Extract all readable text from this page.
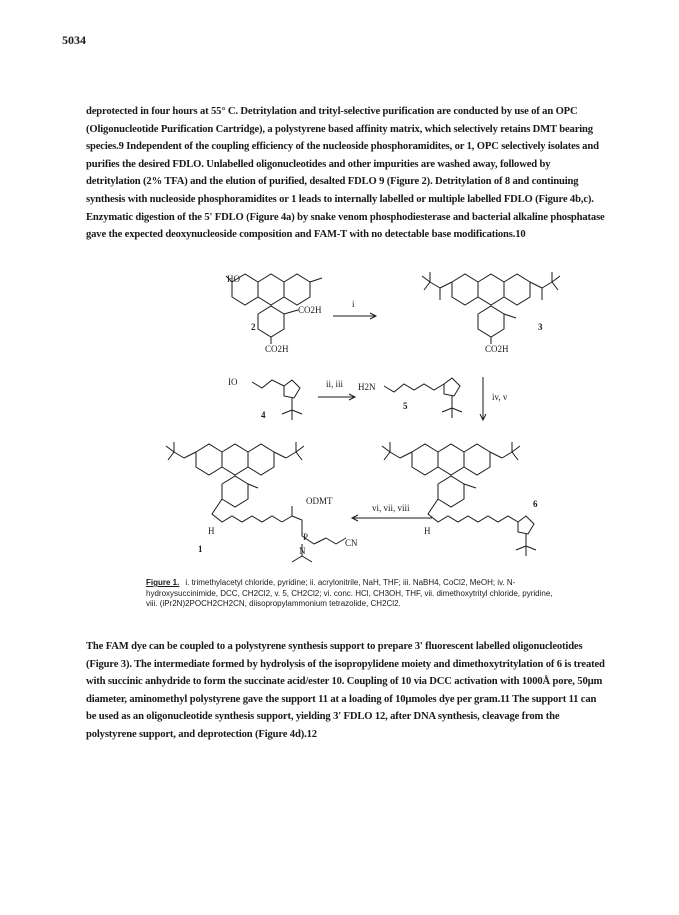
5034
deprotected in four hours at 55° C. Detritylation and trityl-selective purification are conducted by use of an OPC (Oligonucleotide Purification Cartridge), a polystyrene based affinity matrix, which selectively retains DMT bearing species.9 Independent of the coupling efficiency of the nucleoside phosphoramidites, or 1, OPC selectively isolates and purifies the desired FDLO. Unlabelled oligonucleotides and other impurities are washed away, followed by detritylation (2% TFA) and the elution of purified, desalted FDLO 9 (Figure 2). Detritylation of 8 and continuing synthesis with nucleoside phosphoramidites or 1 leads to internally labelled or multiple labelled FDLO (Figure 4b,c). Enzymatic digestion of the 5' FDLO (Figure 4a) by snake venom phosphodiesterase and bacterial alkaline phosphatase gave the expected deoxynucleoside composition and FAM-T with no detectable base modifications.10
HO
CO2H
CO2H	CO2H
IO	H2N
ODMT
CN
N
H	H
P
2	3
4
5
6
1
i
ii, iii
iv, v
vi, vii, viii
Figure 1. i. trimethylacetyl chloride, pyridine; ii. acrylonitrile, NaH, THF; iii. NaBH4, CoCl2, MeOH; iv. N-hydroxysuccinimide, DCC, CH2Cl2, v. 5, CH2Cl2; vi. conc. HCl, CH3OH, THF, vii. dimethoxytrityl chloride, pyridine, viii. (iPr2N)2POCH2CH2CN, diisopropylammonium tetrazolide, CH2Cl2.
The FAM dye can be coupled to a polystyrene synthesis support to prepare 3' fluorescent labelled oligonucleotides (Figure 3). The intermediate formed by hydrolysis of the isopropylidene moiety and dimethoxytritylation of 6 is treated with succinic anhydride to form the succinate acid/ester 10. Coupling of 10 via DCC activation with 1000Å pore, 50µm diameter, aminomethyl polystyrene gave the support 11 at a loading of 10µmoles dye per gram.11 The support 11 can be used as an oligonucleotide synthesis support, yielding 3' FDLO 12, after DNA synthesis, cleavage from the polystyrene support, and deprotection (Figure 4d).12
